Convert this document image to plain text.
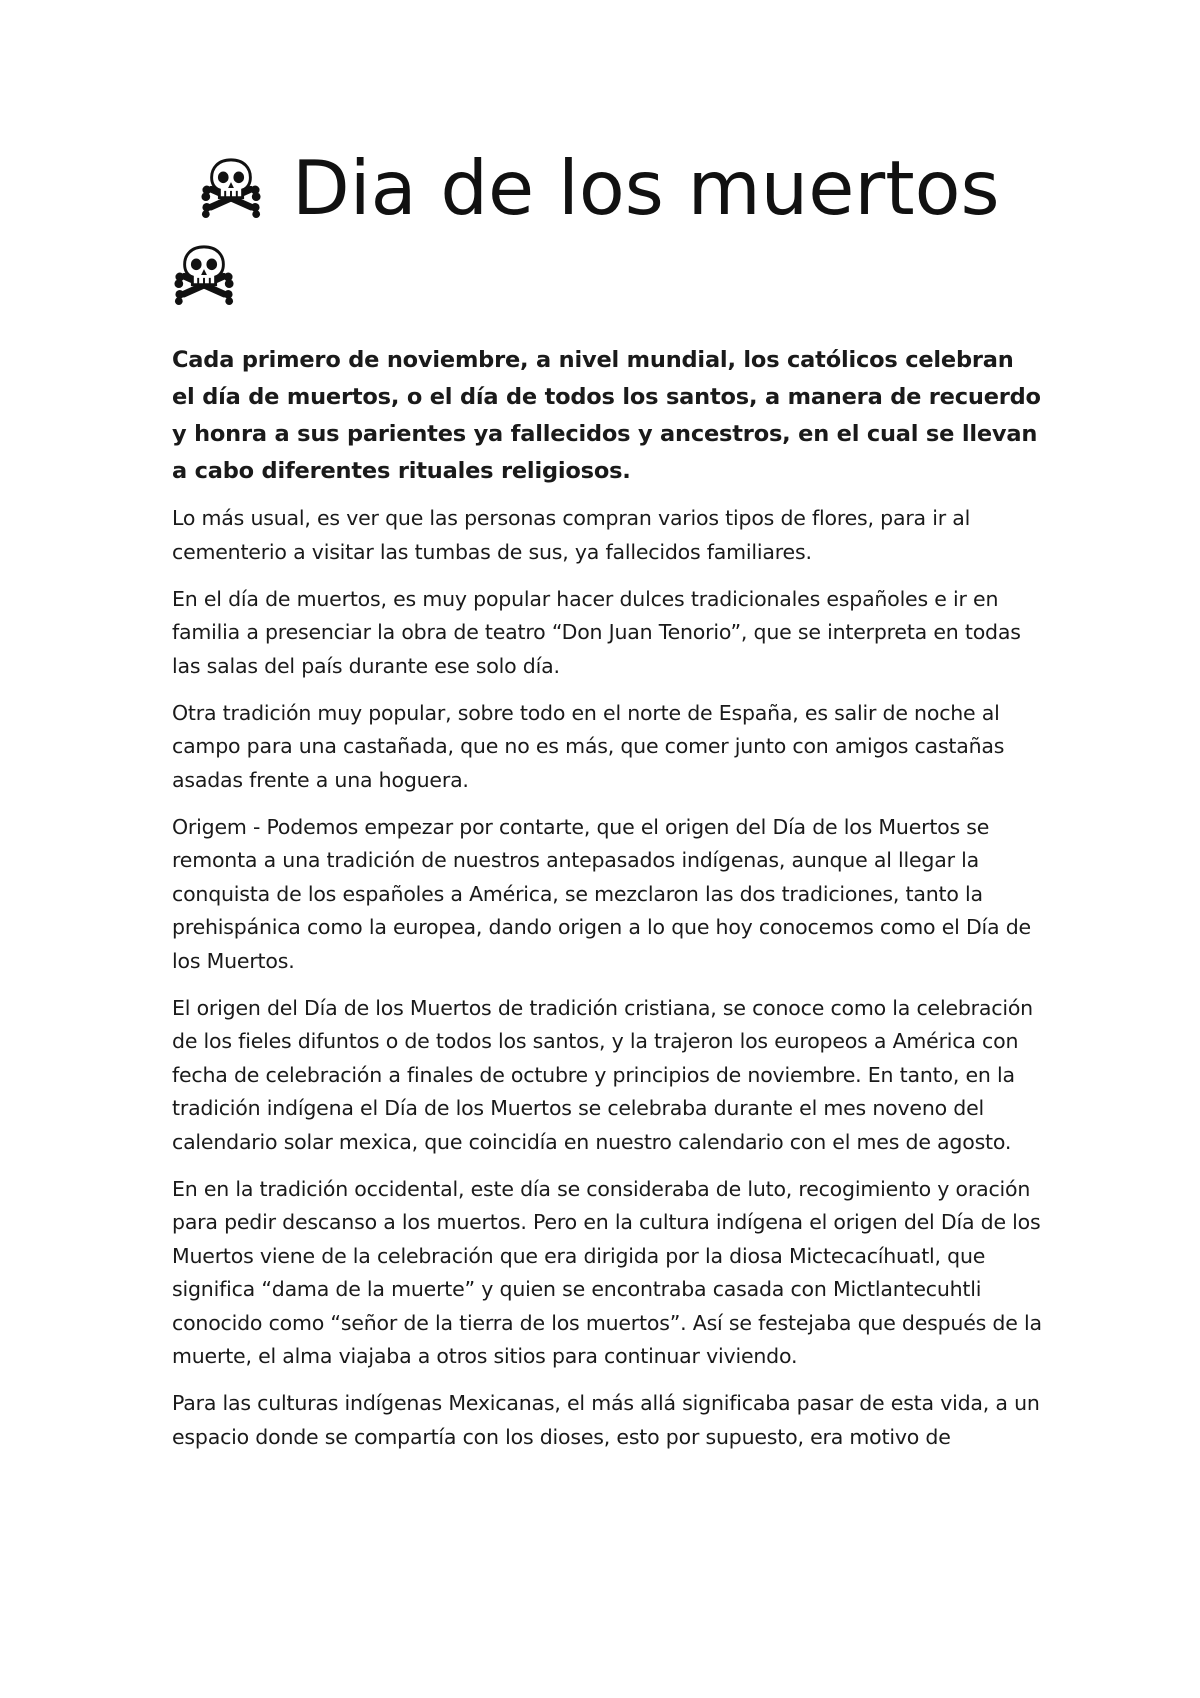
Dia de los muertos

Cada primero de noviembre, a nivel mundial, los católicos celebran el día de muertos, o el día de todos los santos, a manera de recuerdo y honra a sus parientes ya fallecidos y ancestros, en el cual se llevan a cabo diferentes rituales religiosos.

Lo más usual, es ver que las personas compran varios tipos de flores, para ir al cementerio a visitar las tumbas de sus, ya fallecidos familiares.

En el día de muertos, es muy popular hacer dulces tradicionales españoles e ir en familia a presenciar la obra de teatro “Don Juan Tenorio”, que se interpreta en todas las salas del país durante ese solo día.

Otra tradición muy popular, sobre todo en el norte de España, es salir de noche al campo para una castañada, que no es más, que comer junto con amigos castañas asadas frente a una hoguera.

Origem - Podemos empezar por contarte, que el origen del Día de los Muertos se remonta a una tradición de nuestros antepasados indígenas, aunque al llegar la conquista de los españoles a América, se mezclaron las dos tradiciones, tanto la prehispánica como la europea, dando origen a lo que hoy conocemos como el Día de los Muertos.

El origen del Día de los Muertos de tradición cristiana, se conoce como la celebración de los fieles difuntos o de todos los santos, y la trajeron los europeos a América con fecha de celebración a finales de octubre y principios de noviembre. En tanto, en la tradición indígena el Día de los Muertos se celebraba durante el mes noveno del calendario solar mexica, que coincidía en nuestro calendario con el mes de agosto.

En en la tradición occidental, este día se consideraba de luto, recogimiento y oración para pedir descanso a los muertos. Pero en la cultura indígena el origen del Día de los Muertos viene de la celebración que era dirigida por la diosa Mictecacíhuatl, que significa “dama de la muerte” y quien se encontraba casada con Mictlantecuhtli conocido como “señor de la tierra de los muertos”. Así se festejaba que después de la muerte, el alma viajaba a otros sitios para continuar viviendo.

Para las culturas indígenas Mexicanas, el más allá significaba pasar de esta vida, a un espacio donde se compartía con los dioses, esto por supuesto, era motivo de
